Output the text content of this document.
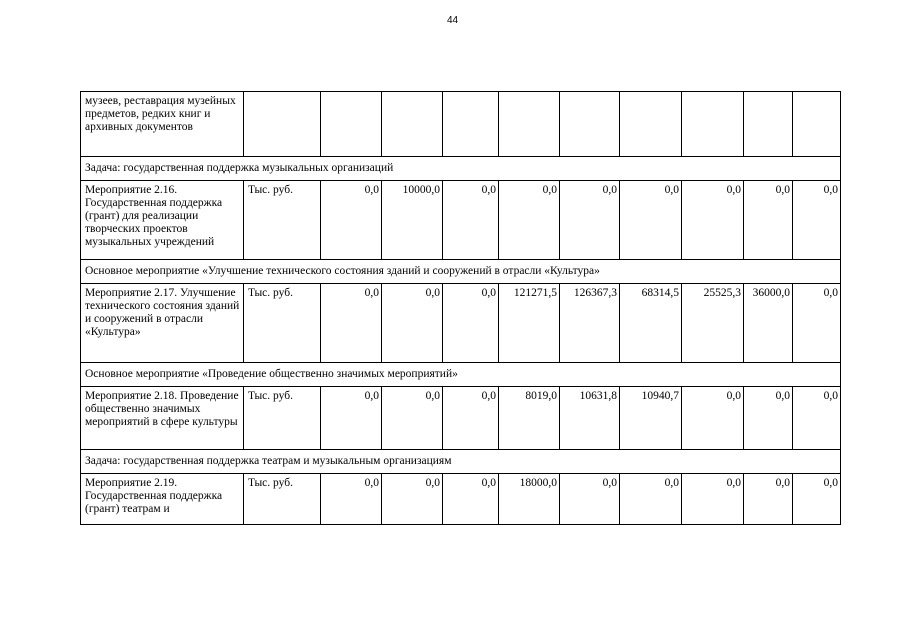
44
музеев, реставрация музейных предметов, редких книг и архивных документов										
Задача: государственная поддержка музыкальных организаций										
Мероприятие 2.16. Государственная поддержка (грант) для реализации творческих проектов музыкальных учреждений	Тыс. руб.	0,0	10000,0	0,0	0,0	0,0	0,0	0,0	0,0	0,0
Основное мероприятие «Улучшение технического состояния зданий и сооружений в отрасли «Культура»										
Мероприятие 2.17. Улучшение технического состояния зданий и сооружений в отрасли «Культура»	Тыс. руб.	0,0	0,0	0,0	121271,5	126367,3	68314,5	25525,3	36000,0	0,0
Основное мероприятие «Проведение общественно значимых мероприятий»										
Мероприятие 2.18. Проведение общественно значимых мероприятий в сфере культуры	Тыс. руб.	0,0	0,0	0,0	8019,0	10631,8	10940,7	0,0	0,0	0,0
Задача: государственная поддержка театрам и музыкальным организациям										
Мероприятие 2.19. Государственная поддержка (грант) театрам и	Тыс. руб.	0,0	0,0	0,0	18000,0	0,0	0,0	0,0	0,0	0,0
